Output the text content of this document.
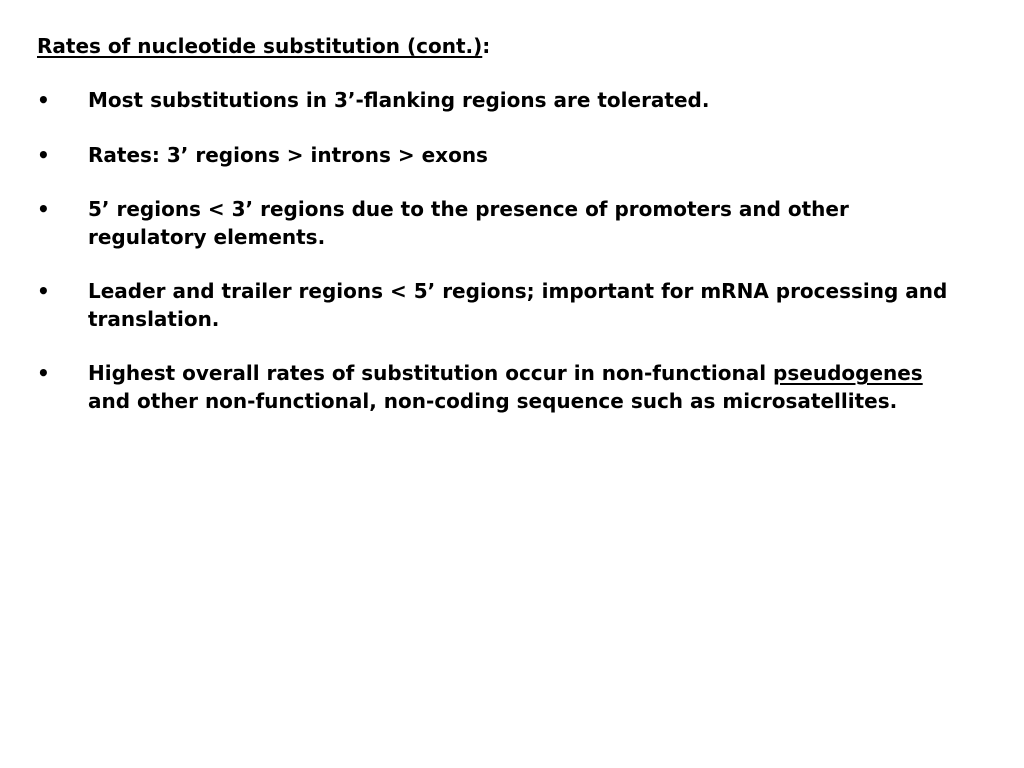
Rates of nucleotide substitution (cont.):
• Most substitutions in 3’-flanking regions are tolerated.
• Rates: 3’ regions > introns > exons
• 5’ regions < 3’ regions due to the presence of promoters and other regulatory elements.
• Leader and trailer regions < 5’ regions; important for mRNA processing and translation.
• Highest overall rates of substitution occur in non-functional pseudogenes and other non-functional, non-coding sequence such as microsatellites.
